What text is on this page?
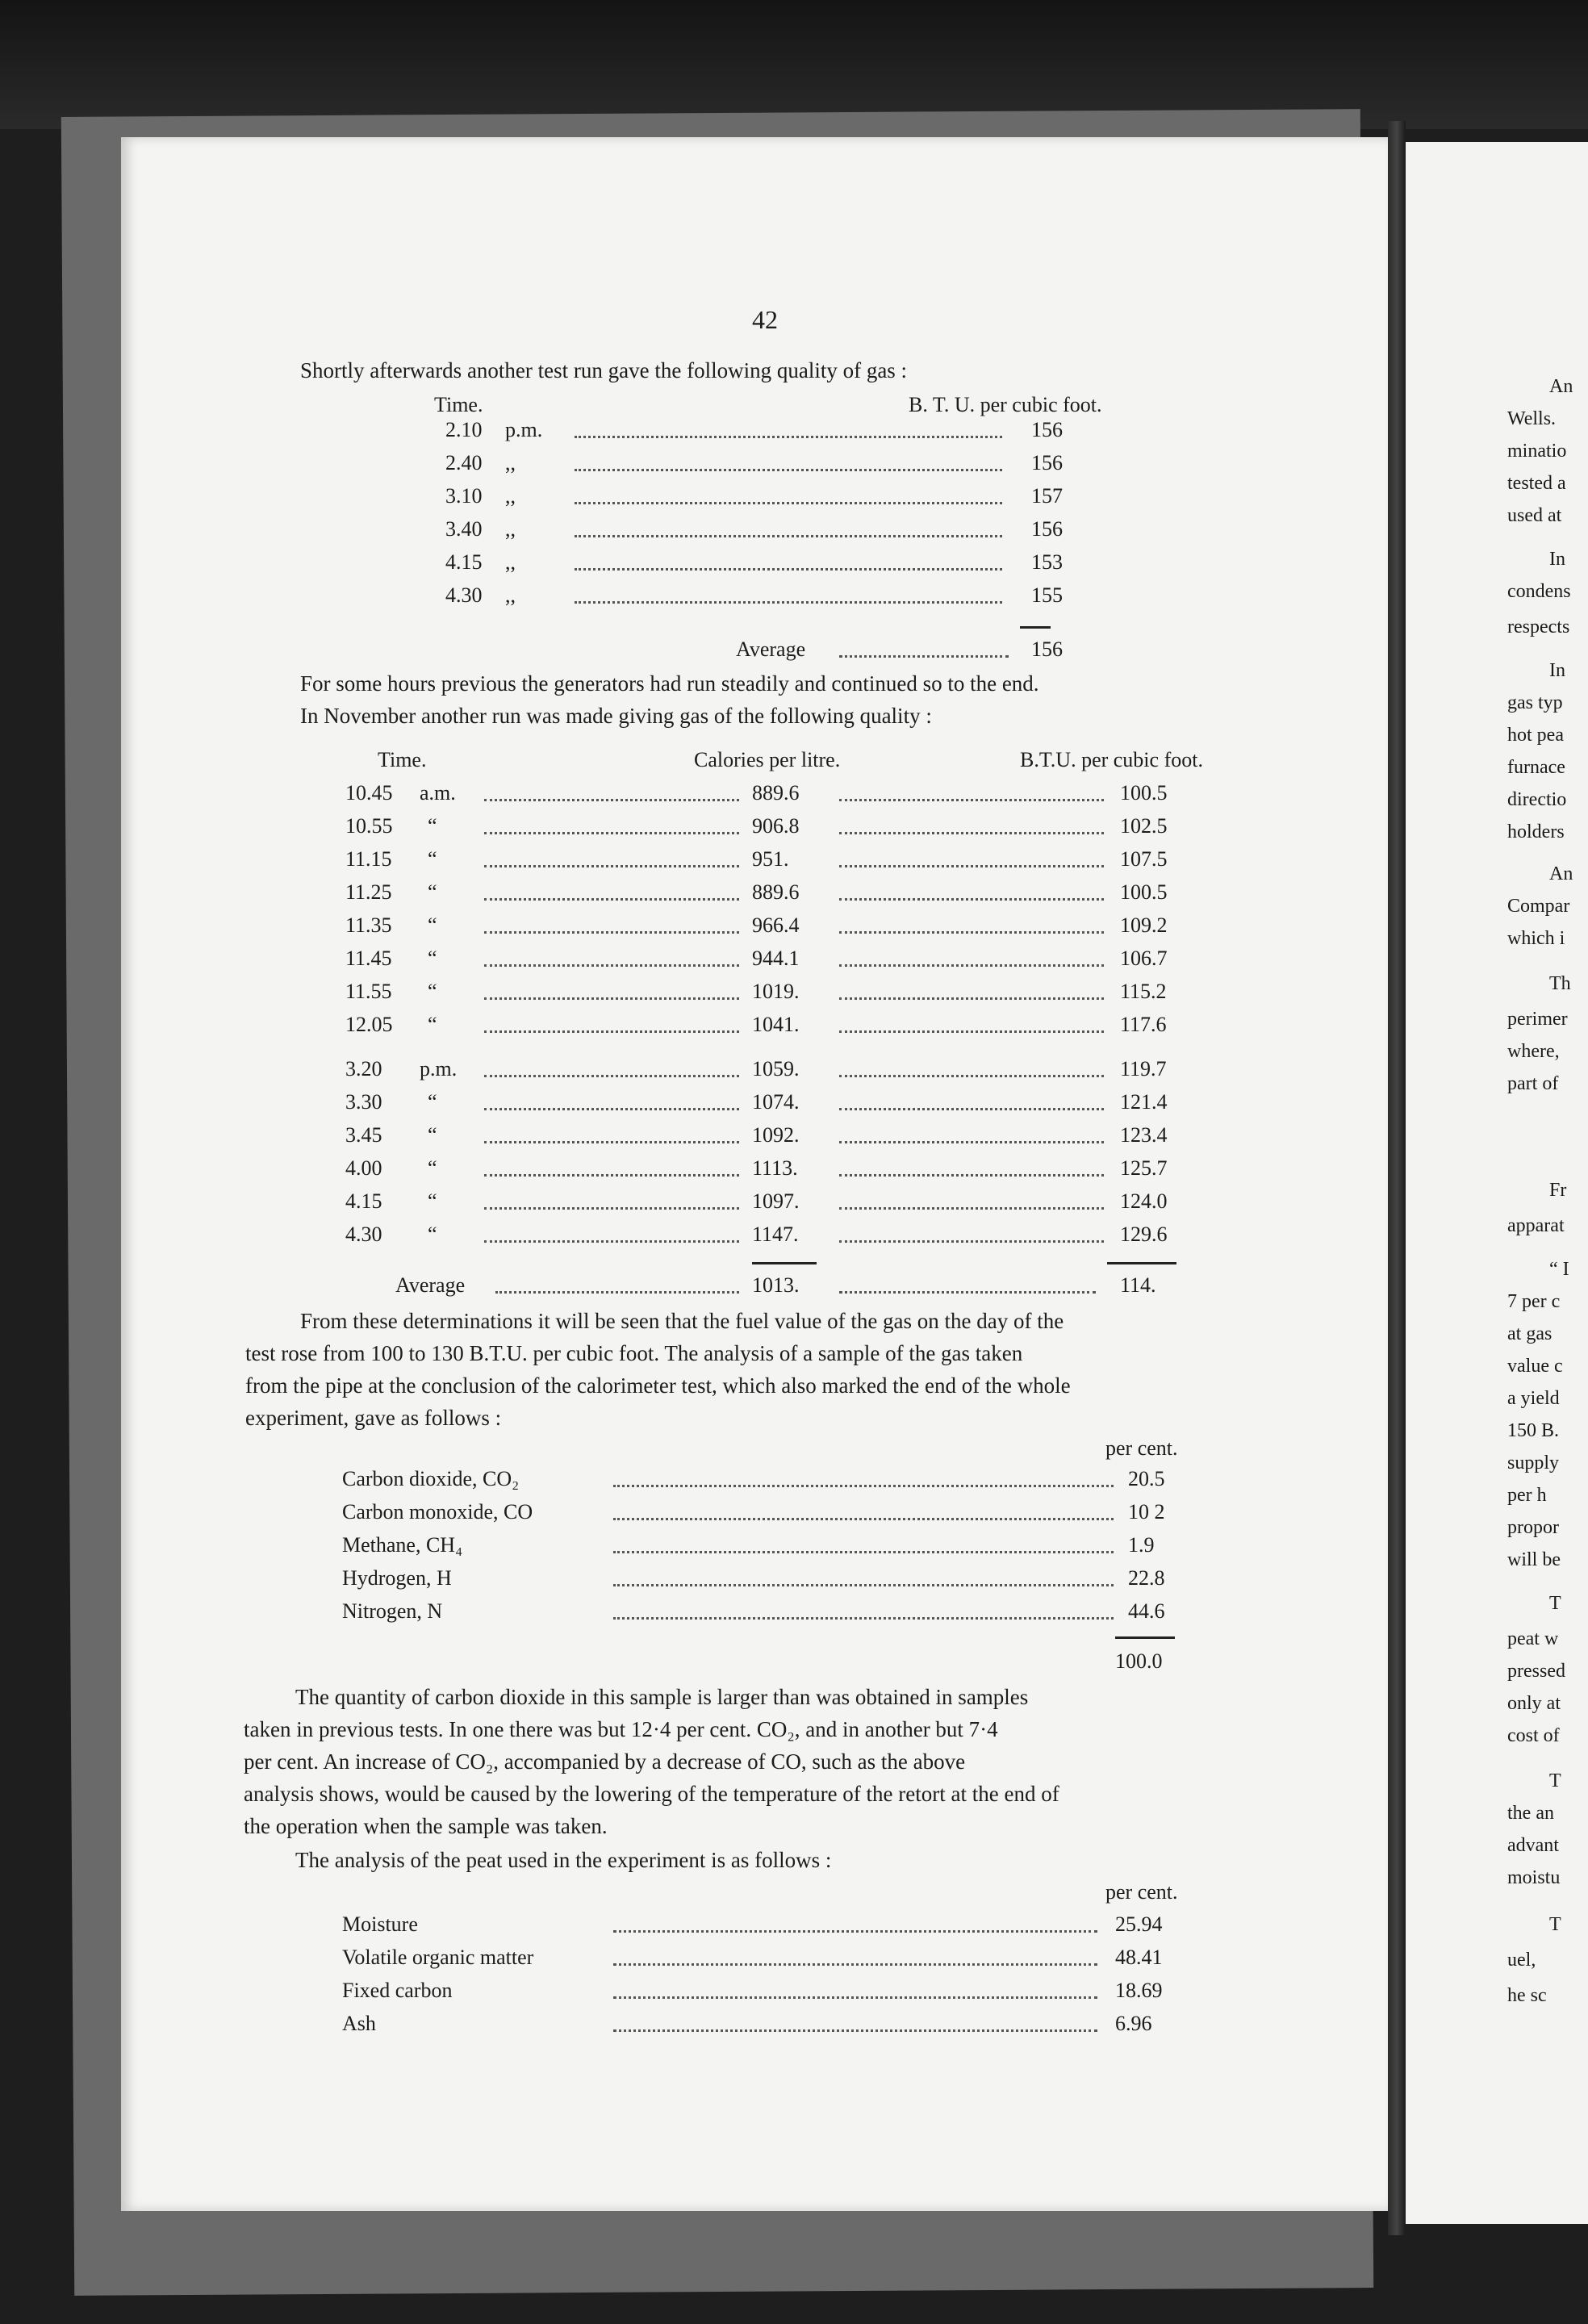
42
Shortly afterwards another test run gave the following quality of gas :
Time.	B. T. U. per cubic foot.
2.10 p.m.	156
2.40 ,,	156
3.10 ,,	157
3.40 ,,	156
4.15 ,,	153
4.30 ,,	155
Average	156
For some hours previous the generators had run steadily and continued so to the end.
In November another run was made giving gas of the following quality :
Time.	Calories per litre.	B.T.U. per cubic foot.
10.45 a.m.	889.6	100.5
10.55 “	906.8	102.5
11.15 “	951.	107.5
11.25 “	889.6	100.5
11.35 “	966.4	109.2
11.45 “	944.1	106.7
11.55 “	1019.	115.2
12.05 “	1041.	117.6
3.20 p.m.	1059.	119.7
3.30 “	1074.	121.4
3.45 “	1092.	123.4
4.00 “	1113.	125.7
4.15 “	1097.	124.0
4.30 “	1147.	129.6
Average	1013.	114.
From these determinations it will be seen that the fuel value of the gas on the day of the
test rose from 100 to 130 B.T.U. per cubic foot. The analysis of a sample of the gas taken
from the pipe at the conclusion of the calorimeter test, which also marked the end of the whole
experiment, gave as follows :
per cent.
Carbon dioxide, CO₂	20.5
Carbon monoxide, CO	10 2
Methane, CH₄	1.9
Hydrogen, H	22.8
Nitrogen, N	44.6
100.0
The quantity of carbon dioxide in this sample is larger than was obtained in samples
taken in previous tests. In one there was but 12·4 per cent. CO₂, and in another but 7·4
per cent. An increase of CO₂, accompanied by a decrease of CO, such as the above
analysis shows, would be caused by the lowering of the temperature of the retort at the end of
the operation when the sample was taken.
The analysis of the peat used in the experiment is as follows :
per cent.
Moisture	25.94
Volatile organic matter	48.41
Fixed carbon	18.69
Ash	6.96
An
Wells.
minatio
tested a
used at
In
condens
respects
In
gas typ
hot pea
furnace
directio
holders
An
Compar
which i
Th
perimer
where,
part of
Fr
apparat
“ I
7 per c
at gas
value c
a yield
150 B.
supply
per h
propor
will be
T
peat w
pressed
only at
cost of
T
the an
advant
moistu
T
uel,
he sc
